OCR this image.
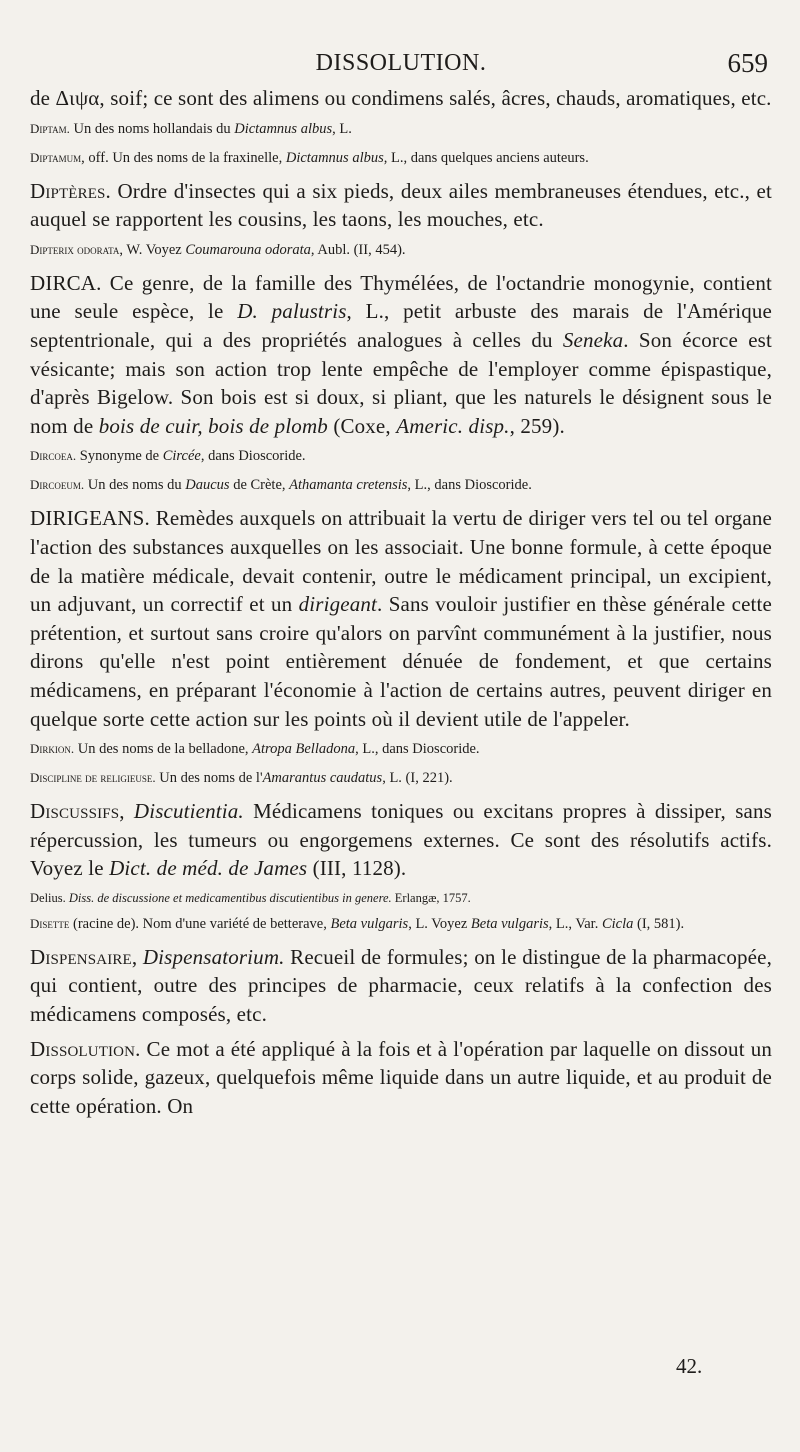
DISSOLUTION.	659

de Διψα, soif; ce sont des alimens ou condimens salés, âcres, chauds, aromatiques, etc.

Diptam. Un des noms hollandais du Dictamnus albus, L.

Diptamum, off. Un des noms de la fraxinelle, Dictamnus albus, L., dans quelques anciens auteurs.

Diptères. Ordre d'insectes qui a six pieds, deux ailes membraneuses étendues, etc., et auquel se rapportent les cousins, les taons, les mouches, etc.

Dipterix odorata, W. Voyez Coumarouna odorata, Aubl. (II, 454).

DIRCA. Ce genre, de la famille des Thymélées, de l'octandrie monogynie, contient une seule espèce, le D. palustris, L., petit arbuste des marais de l'Amérique septentrionale, qui a des propriétés analogues à celles du Seneka. Son écorce est vésicante; mais son action trop lente empêche de l'employer comme épispastique, d'après Bigelow. Son bois est si doux, si pliant, que les naturels le désignent sous le nom de bois de cuir, bois de plomb (Coxe, Americ. disp., 259).

Dircoea. Synonyme de Circée, dans Dioscoride.

Dircoeum. Un des noms du Daucus de Crète, Athamanta cretensis, L., dans Dioscoride.

DIRIGEANS. Remèdes auxquels on attribuait la vertu de diriger vers tel ou tel organe l'action des substances auxquelles on les associait. Une bonne formule, à cette époque de la matière médicale, devait contenir, outre le médicament principal, un excipient, un adjuvant, un correctif et un dirigeant. Sans vouloir justifier en thèse générale cette prétention, et surtout sans croire qu'alors on parvînt communément à la justifier, nous dirons qu'elle n'est point entièrement dénuée de fondement, et que certains médicamens, en préparant l'économie à l'action de certains autres, peuvent diriger en quelque sorte cette action sur les points où il devient utile de l'appeler.

Dirkion. Un des noms de la belladone, Atropa Belladona, L., dans Dioscoride.

Discipline de religieuse. Un des noms de l'Amarantus caudatus, L. (I, 221).

Discussifs, Discutientia. Médicamens toniques ou excitans propres à dissiper, sans répercussion, les tumeurs ou engorgemens externes. Ce sont des résolutifs actifs. Voyez le Dict. de méd. de James (III, 1128).

Delius. Diss. de discussione et medicamentibus discutientibus in genere. Erlangæ, 1757.

Disette (racine de). Nom d'une variété de betterave, Beta vulgaris, L. Voyez Beta vulgaris, L., Var. Cicla (I, 581).

Dispensaire, Dispensatorium. Recueil de formules; on le distingue de la pharmacopée, qui contient, outre des principes de pharmacie, ceux relatifs à la confection des médicamens composés, etc.

Dissolution. Ce mot a été appliqué à la fois et à l'opération par laquelle on dissout un corps solide, gazeux, quelquefois même liquide dans un autre liquide, et au produit de cette opération. On

42.
